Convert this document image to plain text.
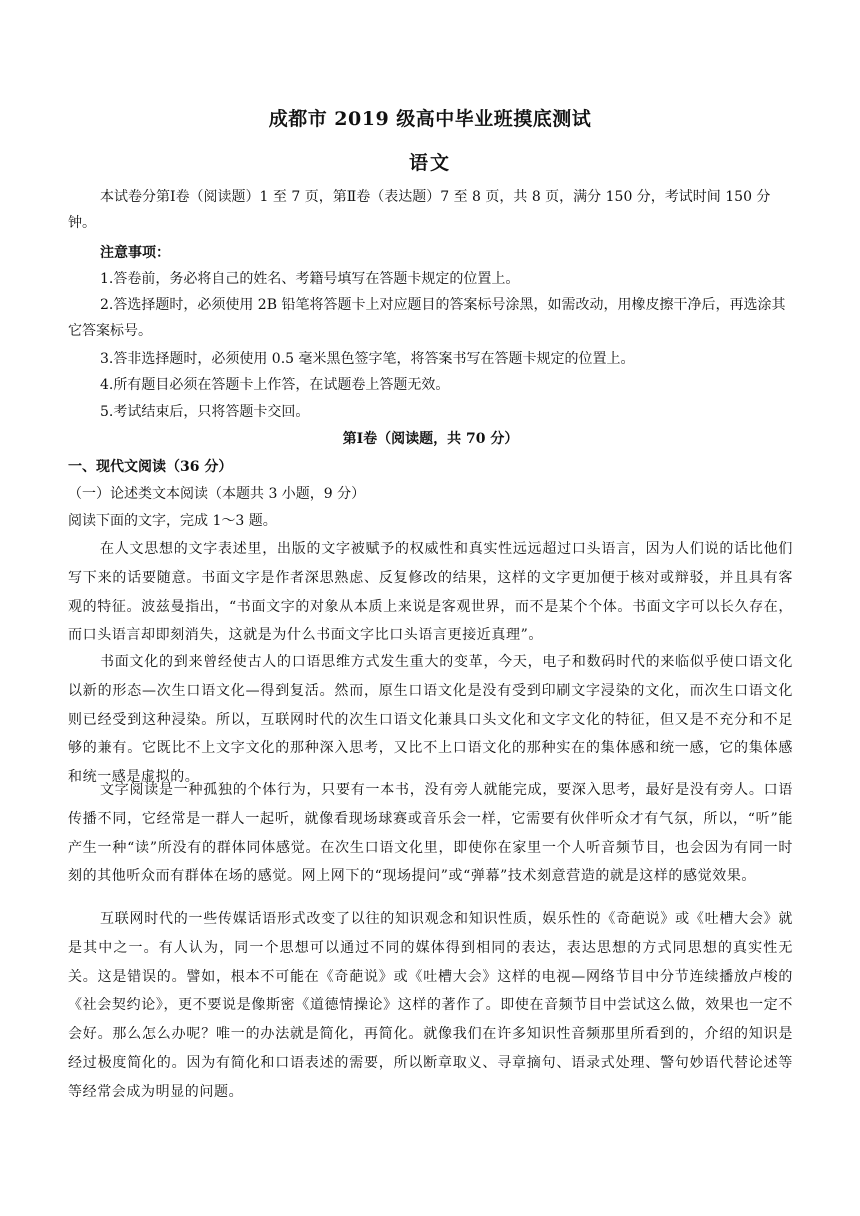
成都市 2019 级高中毕业班摸底测试
语文
本试卷分第Ⅰ卷（阅读题）1 至 7 页，第Ⅱ卷（表达题）7 至 8 页，共 8 页，满分 150 分，考试时间 150 分钟。
注意事项：
1.答卷前，务必将自己的姓名、考籍号填写在答题卡规定的位置上。
2.答选择题时，必须使用 2B 铅笔将答题卡上对应题目的答案标号涂黑，如需改动，用橡皮擦干净后，再选涂其它答案标号。
3.答非选择题时，必须使用 0.5 毫米黑色签字笔，将答案书写在答题卡规定的位置上。
4.所有题目必须在答题卡上作答，在试题卷上答题无效。
5.考试结束后，只将答题卡交回。
第Ⅰ卷（阅读题，共 70 分）
一、现代文阅读（36 分）
（一）论述类文本阅读（本题共 3 小题，9 分）
阅读下面的文字，完成 1～3 题。
在人文思想的文字表述里，出版的文字被赋予的权威性和真实性远远超过口头语言，因为人们说的话比他们写下来的话要随意。书面文字是作者深思熟虑、反复修改的结果，这样的文字更加便于核对或辩驳，并且具有客观的特征。波兹曼指出，“书面文字的对象从本质上来说是客观世界，而不是某个个体。书面文字可以长久存在，而口头语言却即刻消失，这就是为什么书面文字比口头语言更接近真理”。
书面文化的到来曾经使古人的口语思维方式发生重大的变革，今天，电子和数码时代的来临似乎使口语文化以新的形态—次生口语文化—得到复活。然而，原生口语文化是没有受到印刷文字浸染的文化，而次生口语文化则已经受到这种浸染。所以，互联网时代的次生口语文化兼具口头文化和文字文化的特征，但又是不充分和不足够的兼有。它既比不上文字文化的那种深入思考，又比不上口语文化的那种实在的集体感和统一感，它的集体感和统一感是虚拟的。
文字阅读是一种孤独的个体行为，只要有一本书，没有旁人就能完成，要深入思考，最好是没有旁人。口语传播不同，它经常是一群人一起听，就像看现场球赛或音乐会一样，它需要有伙伴听众才有气氛，所以，“听”能产生一种“读”所没有的群体同体感觉。在次生口语文化里，即使你在家里一个人听音频节目，也会因为有同一时刻的其他听众而有群体在场的感觉。网上网下的“现场提问”或“弹幕”技术刻意营造的就是这样的感觉效果。
互联网时代的一些传媒话语形式改变了以往的知识观念和知识性质，娱乐性的《奇葩说》或《吐槽大会》就是其中之一。有人认为，同一个思想可以通过不同的媒体得到相同的表达，表达思想的方式同思想的真实性无关。这是错误的。譬如，根本不可能在《奇葩说》或《吐槽大会》这样的电视—网络节目中分节连续播放卢梭的《社会契约论》，更不要说是像斯密《道德情操论》这样的著作了。即使在音频节目中尝试这么做，效果也一定不会好。那么怎么办呢？唯一的办法就是简化，再简化。就像我们在许多知识性音频那里所看到的，介绍的知识是经过极度简化的。因为有简化和口语表述的需要，所以断章取义、寻章摘句、语录式处理、警句妙语代替论述等等经常会成为明显的问题。
